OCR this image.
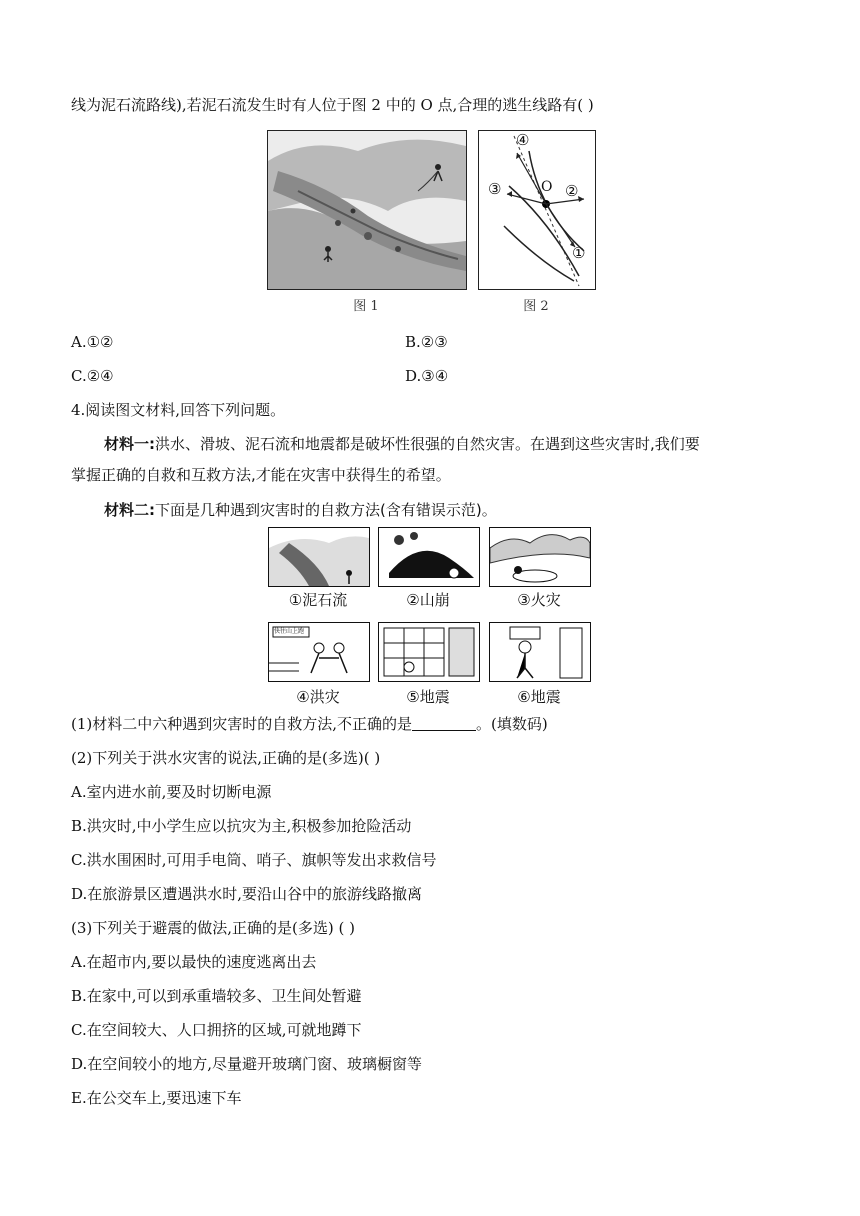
线为泥石流路线),若泥石流发生时有人位于图 2 中的 O 点,合理的逃生线路有( )
④
③	O ②
①
图 1	图 2
A.①②	B.②③
C.②④	D.③④
4.阅读图文材料,回答下列问题。
材料一:洪水、滑坡、泥石流和地震都是破坏性很强的自然灾害。在遇到这些灾害时,我们要
掌握正确的自救和互救方法,才能在灾害中获得生的希望。
材料二:下面是几种遇到灾害时的自救方法(含有错误示范)。
①泥石流	②山崩	③火灾
快往山上跑
④洪灾	⑤地震	⑥地震
(1)材料二中六种遇到灾害时的自救方法,不正确的是	。(填数码)
(2)下列关于洪水灾害的说法,正确的是(多选)( )
A.室内进水前,要及时切断电源
B.洪灾时,中小学生应以抗灾为主,积极参加抢险活动
C.洪水围困时,可用手电筒、哨子、旗帜等发出求救信号
D.在旅游景区遭遇洪水时,要沿山谷中的旅游线路撤离
(3)下列关于避震的做法,正确的是(多选) ( )
A.在超市内,要以最快的速度逃离出去
B.在家中,可以到承重墙较多、卫生间处暂避
C.在空间较大、人口拥挤的区域,可就地蹲下
D.在空间较小的地方,尽量避开玻璃门窗、玻璃橱窗等
E.在公交车上,要迅速下车
